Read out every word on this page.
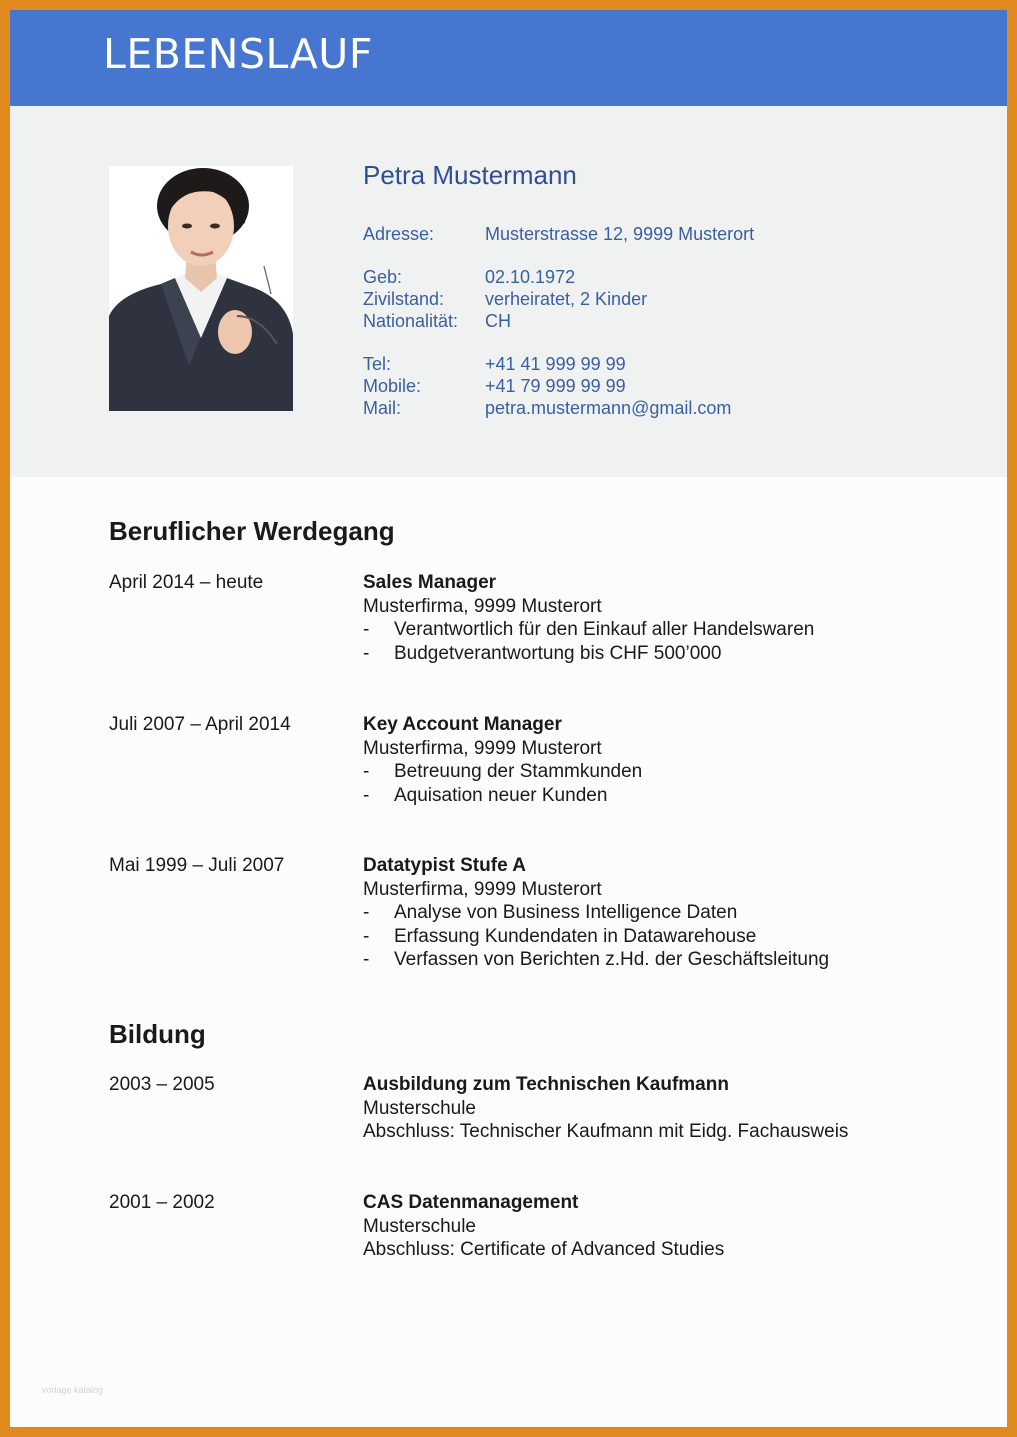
LEBENSLAUF
Petra Mustermann
Adresse:	Musterstrasse 12, 9999 Musterort
Geb:	02.10.1972
Zivilstand: verheiratet, 2 Kinder
Nationalität: CH
Tel:	+41 41 999 99 99
Mobile:	+41 79 999 99 99
Mail:	petra.mustermann@gmail.com
Beruflicher Werdegang
April 2014 – heute	Sales Manager
Musterfirma, 9999 Musterort
- Verantwortlich für den Einkauf aller Handelswaren
- Budgetverantwortung bis CHF 500’000
Juli 2007 – April 2014	Key Account Manager
Musterfirma, 9999 Musterort
- Betreuung der Stammkunden
- Aquisation neuer Kunden
Mai 1999 – Juli 2007	Datatypist Stufe A
Musterfirma, 9999 Musterort
- Analyse von Business Intelligence Daten
- Erfassung Kundendaten in Datawarehouse
- Verfassen von Berichten z.Hd. der Geschäftsleitung
Bildung
2003 – 2005	Ausbildung zum Technischen Kaufmann
Musterschule
Abschluss: Technischer Kaufmann mit Eidg. Fachausweis
2001 – 2002	CAS Datenmanagement
Musterschule
Abschluss: Certificate of Advanced Studies
vorlage katalog
